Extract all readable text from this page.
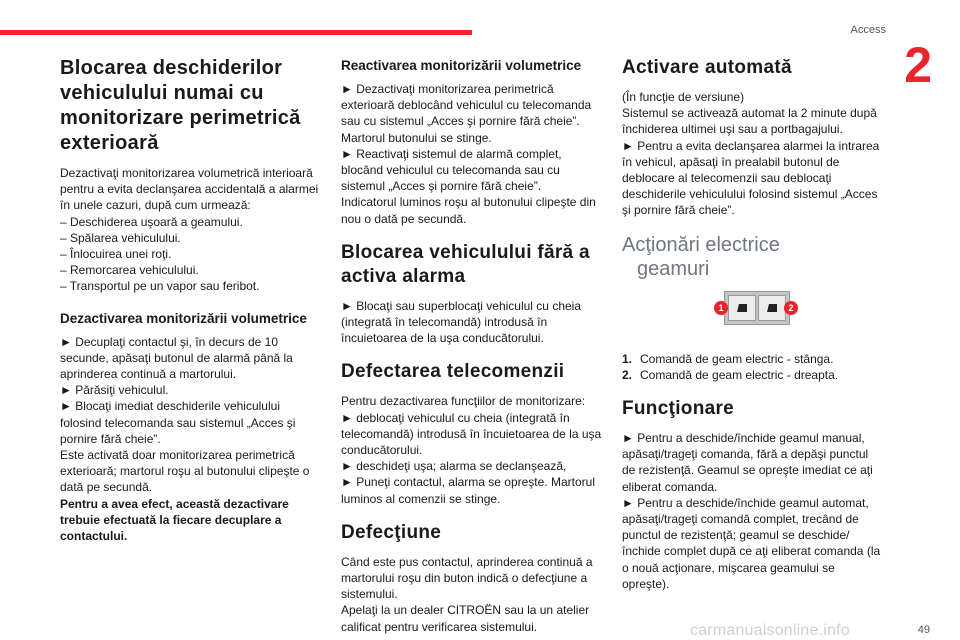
Access
2
Blocarea deschiderilor vehiculului numai cu monitorizare perimetrică exterioară

Dezactivaţi monitorizarea volumetrică interioară pentru a evita declanşarea accidentală a alarmei în unele cazuri, după cum urmează:

– Deschiderea uşoară a geamului.

– Spălarea vehiculului.

– Înlocuirea unei roţi.

– Remorcarea vehiculului.

– Transportul pe un vapor sau feribot.

Dezactivarea monitorizării volumetrice

► Decuplaţi contactul şi, în decurs de 10 secunde, apăsaţi butonul de alarmă până la aprinderea continuă a martorului.

► Părăsiţi vehiculul.

► Blocaţi imediat deschiderile vehiculului folosind telecomanda sau sistemul „Acces şi pornire fără cheie”.

Este activată doar monitorizarea perimetrică exterioară; martorul roşu al butonului clipeşte o dată pe secundă.

Pentru a avea efect, această dezactivare trebuie efectuată la fiecare decuplare a contactului.

Reactivarea monitorizării volumetrice

► Dezactivaţi monitorizarea perimetrică exterioară deblocând vehiculul cu telecomanda sau cu sistemul „Acces şi pornire fără cheie”.

Martorul butonului se stinge.

► Reactivaţi sistemul de alarmă complet, blocând vehiculul cu telecomanda sau cu sistemul „Acces şi pornire fără cheie”.

Indicatorul luminos roşu al butonului clipeşte din nou o dată pe secundă.

Blocarea vehiculului fără a activa alarma

► Blocaţi sau superblocaţi vehiculul cu cheia (integrată în telecomandă) introdusă în încuietoarea de la uşa conducătorului.

Defectarea telecomenzii

Pentru dezactivarea funcţiilor de monitorizare:

► deblocaţi vehiculul cu cheia (integrată în telecomandă) introdusă în încuietoarea de la uşa conducătorului.

► deschideţi uşa; alarma se declanşează,

► Puneţi contactul, alarma se opreşte. Martorul luminos al comenzii se stinge.

Defecţiune

Când este pus contactul, aprinderea continuă a martorului roşu din buton indică o defecţiune a sistemului.

Apelaţi la un dealer CITROËN sau la un atelier calificat pentru verificarea sistemului.

Activare automată

(În funcţie de versiune)

Sistemul se activează automat la 2 minute după închiderea ultimei uşi sau a portbagajului.

► Pentru a evita declanşarea alarmei la intrarea în vehicul, apăsaţi în prealabil butonul de deblocare al telecomenzii sau deblocaţi deschiderile vehiculului folosind sistemul „Acces şi pornire fără cheie”.

Acţionări electrice
geamuri
1	2

1. Comandă de geam electric - stânga.

2. Comandă de geam electric - dreapta.

Funcţionare

► Pentru a deschide/închide geamul manual, apăsaţi/trageţi comanda, fără a depăşi punctul de rezistenţă. Geamul se opreşte imediat ce aţi eliberat comanda.

► Pentru a deschide/închide geamul automat, apăsaţi/trageţi comandă complet, trecând de punctul de rezistenţă; geamul se deschide/închide complet după ce aţi eliberat comanda (la o nouă acţionare, mişcarea geamului se opreşte).

carmanualsonline.info	49
